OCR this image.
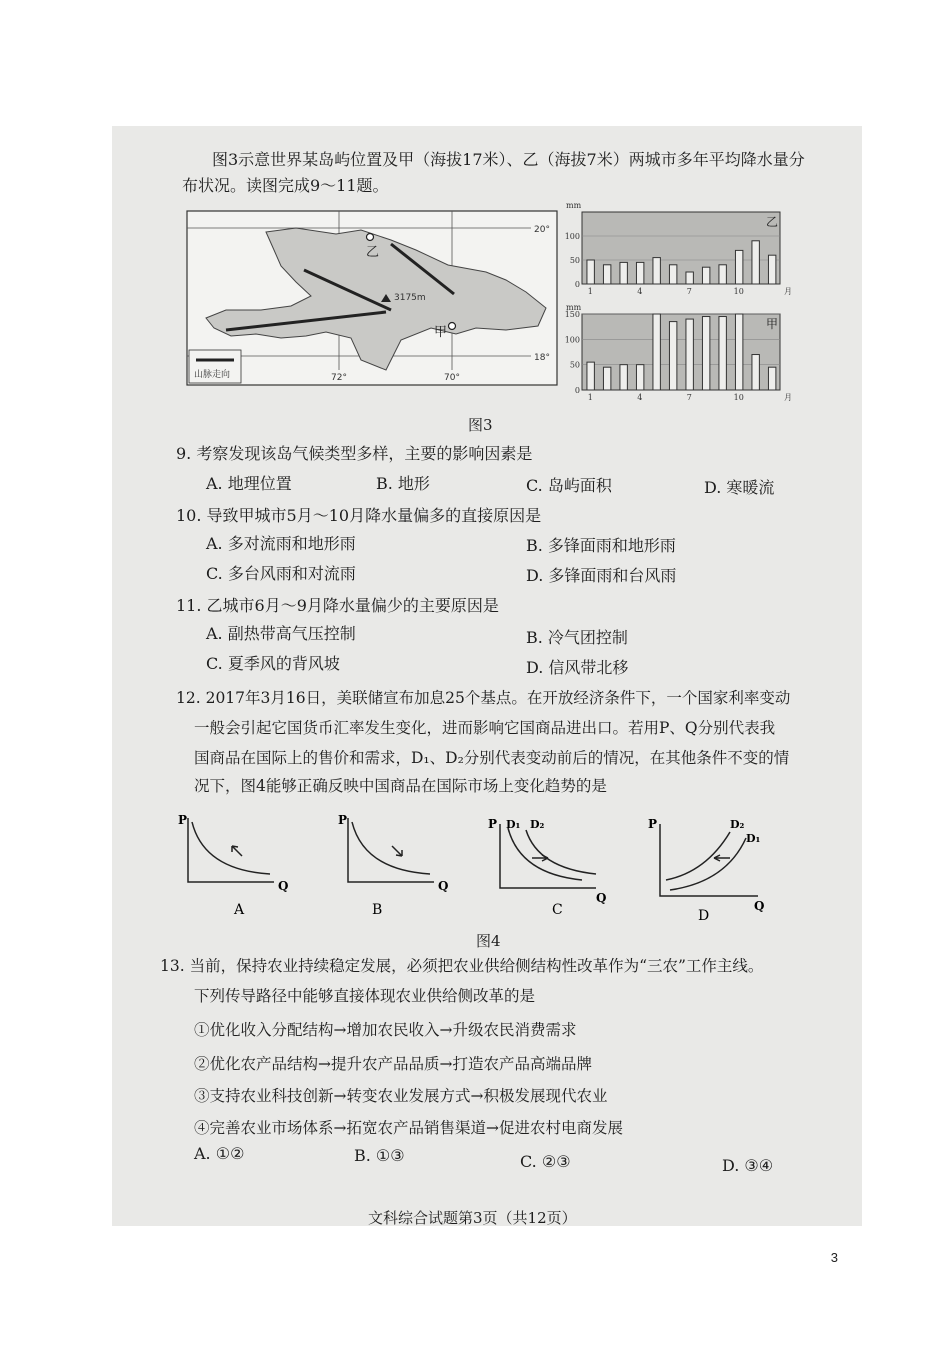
图3示意世界某岛屿位置及甲（海拔17米）、乙（海拔7米）两城市多年平均降水量分
布状况。读图完成9～11题。
20°
18°
72°	70°
乙
甲
3175m
山脉走向
100
50
0
1	4	7	10
mm
月
乙
150
100
50
0
1	4	7	10
mm
月
甲
图3
9. 考察发现该岛气候类型多样，主要的影响因素是
A. 地理位置	B. 地形	C. 岛屿面积	D. 寒暖流
10. 导致甲城市5月～10月降水量偏多的直接原因是
A. 多对流雨和地形雨	B. 多锋面雨和地形雨
C. 多台风雨和对流雨	D. 多锋面雨和台风雨
11. 乙城市6月～9月降水量偏少的主要原因是
A. 副热带高气压控制	B. 冷气团控制
C. 夏季风的背风坡	D. 信风带北移
12. 2017年3月16日，美联储宣布加息25个基点。在开放经济条件下，一个国家利率变动
一般会引起它国货币汇率发生变化，进而影响它国商品进出口。若用P、Q分别代表我
国商品在国际上的售价和需求，D₁、D₂分别代表变动前后的情况，在其他条件不变的情
况下，图4能够正确反映中国商品在国际市场上变化趋势的是
P
Q
A
P
Q
B
P
Q
D₁ D₂
C
P
Q
D₂
D₁
D
图4
13. 当前，保持农业持续稳定发展，必须把农业供给侧结构性改革作为“三农”工作主线。
下列传导路径中能够直接体现农业供给侧改革的是
①优化收入分配结构→增加农民收入→升级农民消费需求
②优化农产品结构→提升农产品品质→打造农产品高端品牌
③支持农业科技创新→转变农业发展方式→积极发展现代农业
④完善农业市场体系→拓宽农产品销售渠道→促进农村电商发展
A. ①②	B. ①③	C. ②③	D. ③④
文科综合试题第3页（共12页）
3
